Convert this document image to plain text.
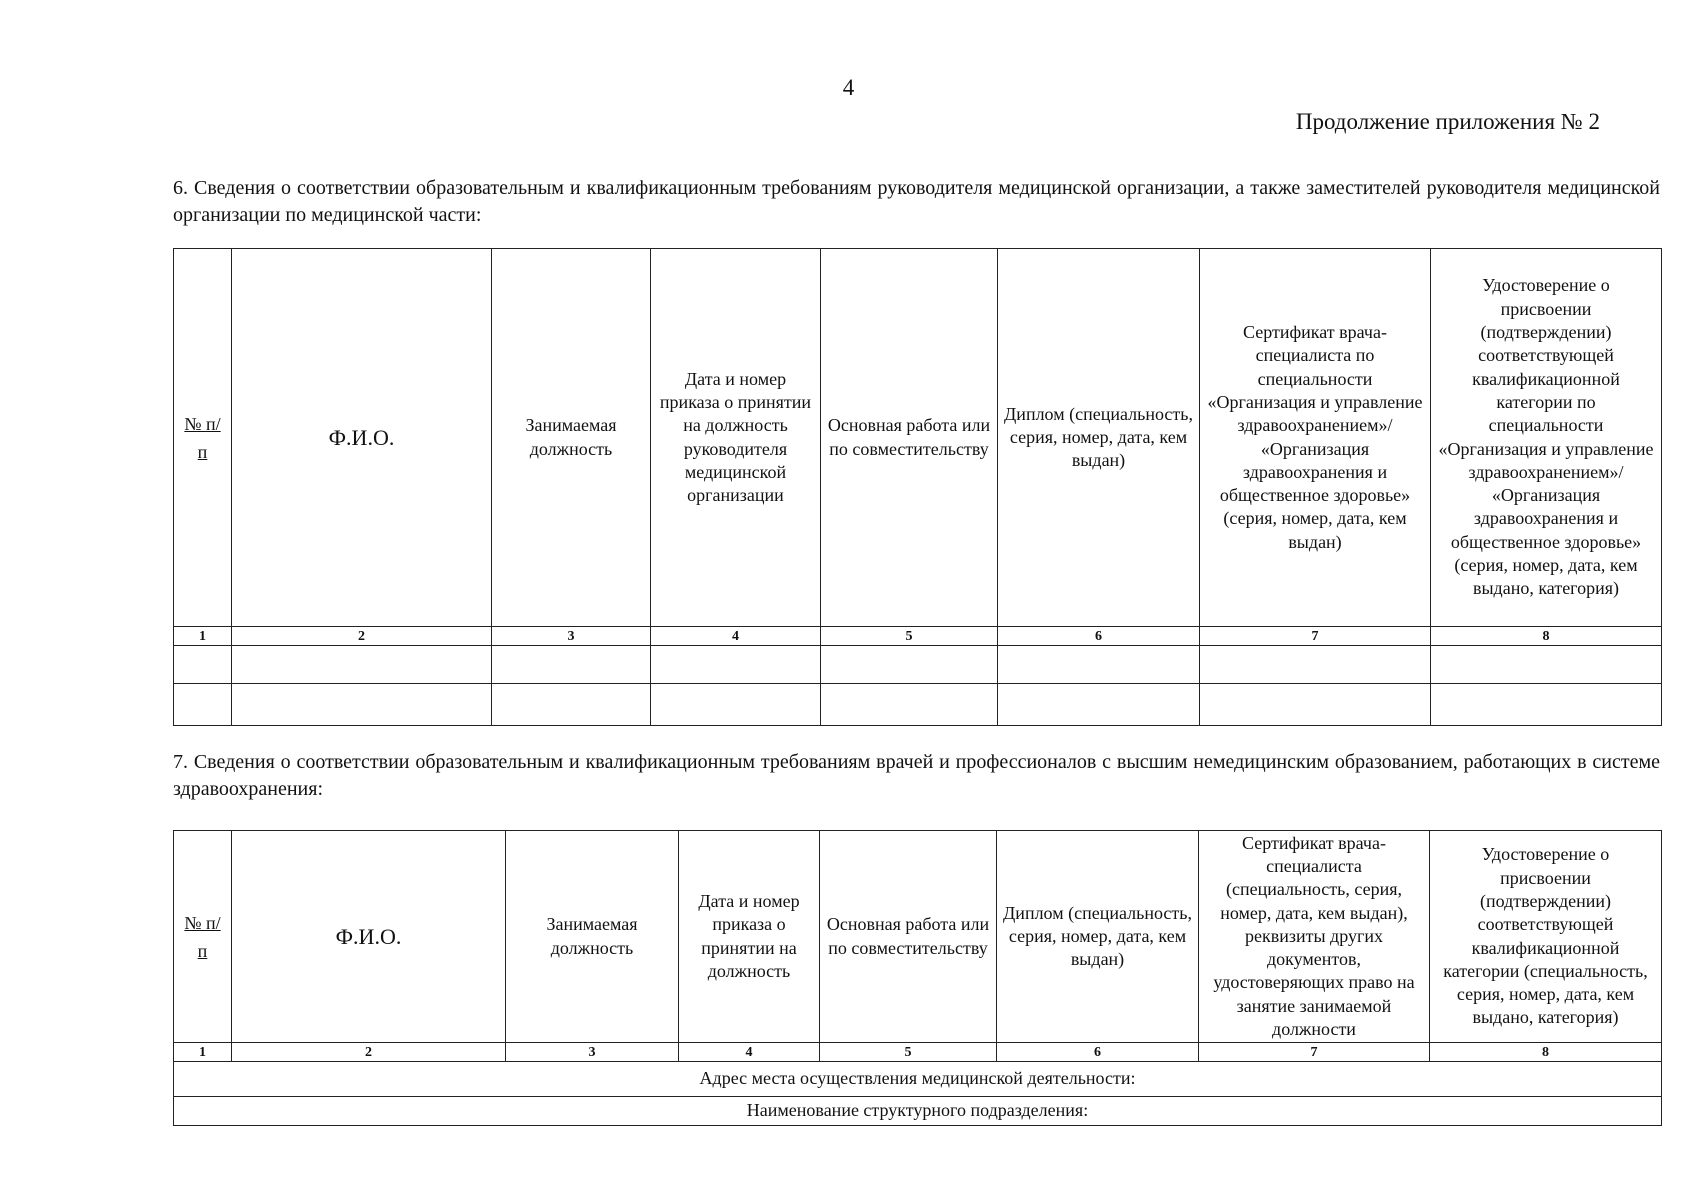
4
Продолжение приложения № 2
6. Сведения о соответствии образовательным и квалификационным требованиям руководителя медицинской организации, а также заместителей руководителя медицинской организации по медицинской части:
№ п/п	Ф.И.О.	Занимаемая должность	Дата и номер приказа о принятии на должность руководителя медицинской организации	Основная работа или по совместительству	Диплом (специальность, серия, номер, дата, кем выдан)	Сертификат врача-специалиста по специальности «Организация и управление здравоохранением»/ «Организация здравоохранения и общественное здоровье» (серия, номер, дата, кем выдан)	Удостоверение о присвоении (подтверждении) соответствующей квалификационной категории по специальности «Организация и управление здравоохранением»/ «Организация здравоохранения и общественное здоровье» (серия, номер, дата, кем выдано, категория)
1	2	3	4	5	6	7	8

7. Сведения о соответствии образовательным и квалификационным требованиям врачей и профессионалов с высшим немедицинским образованием, работающих в системе здравоохранения:
№ п/п	Ф.И.О.	Занимаемая должность	Дата и номер приказа о принятии на должность	Основная работа или по совместительству	Диплом (специальность, серия, номер, дата, кем выдан)	Сертификат врача-специалиста (специальность, серия, номер, дата, кем выдан), реквизиты других документов, удостоверяющих право на занятие занимаемой должности	Удостоверение о присвоении (подтверждении) соответствующей квалификационной категории (специальность, серия, номер, дата, кем выдано, категория)
1	2	3	4	5	6	7	8
Адрес места осуществления медицинской деятельности:							
Наименование структурного подразделения:							
